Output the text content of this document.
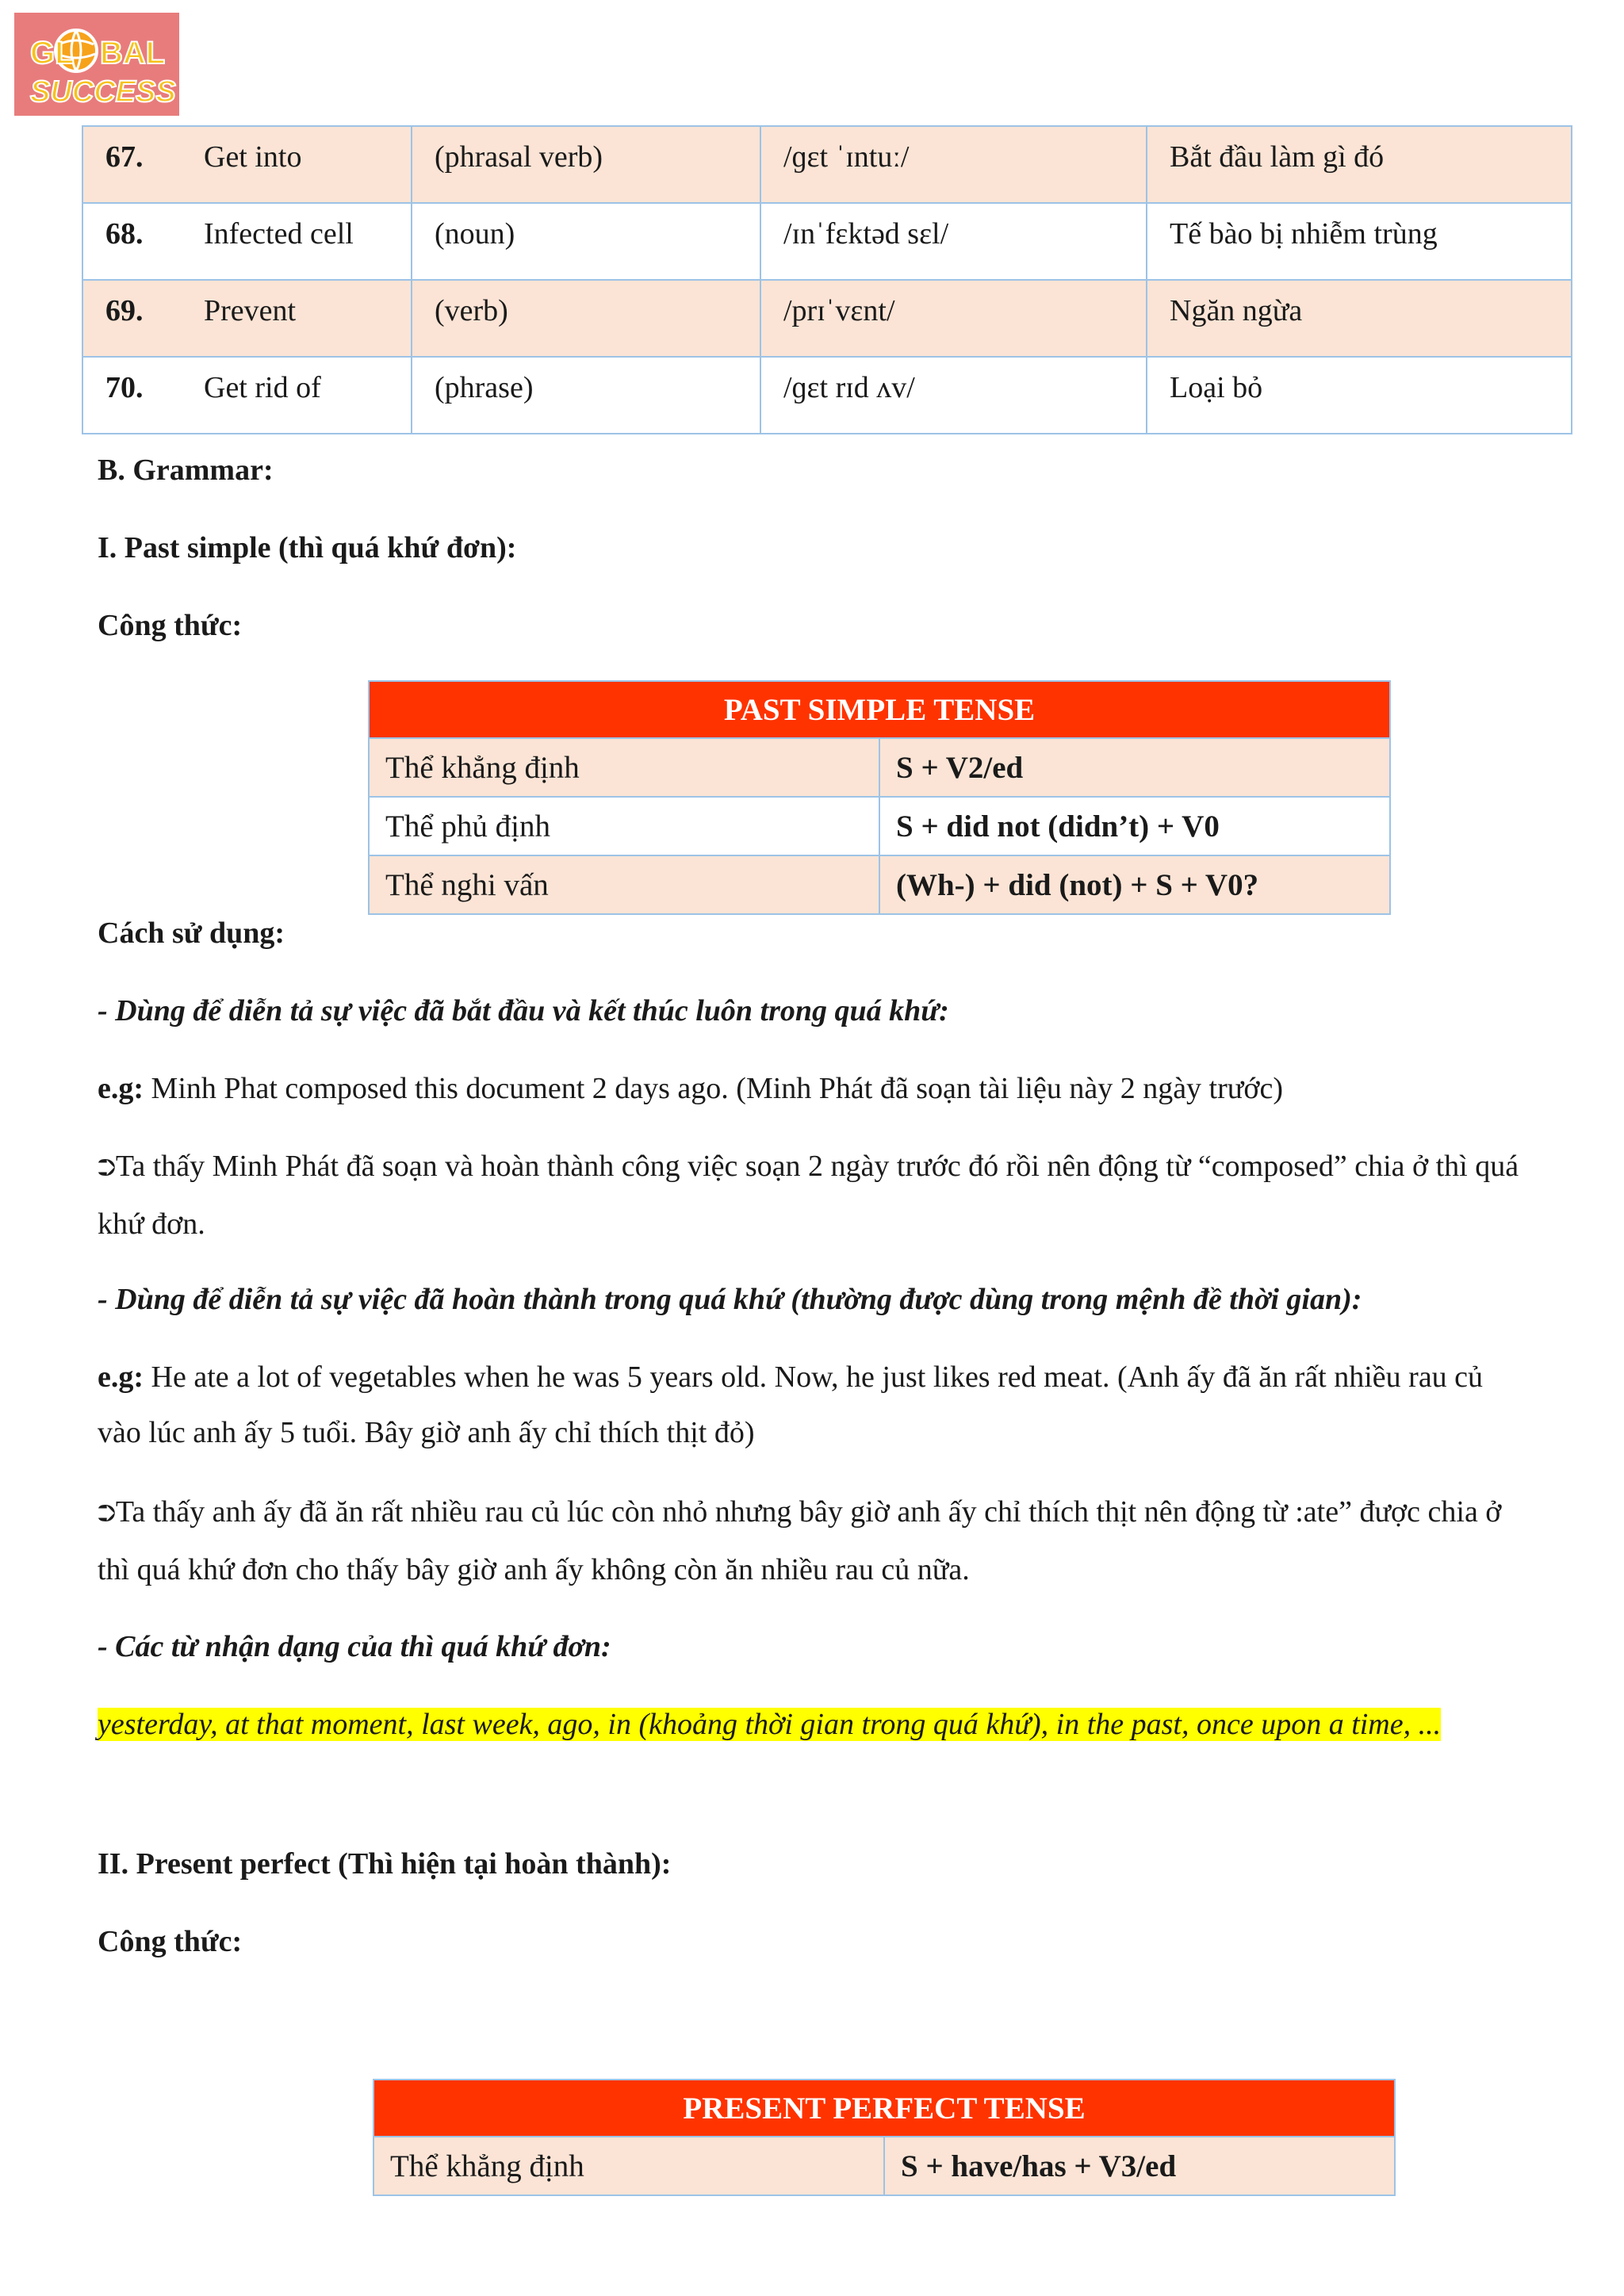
GL BAL
SUCCESS
67. Get into	(phrasal verb)	/ɡɛt ˈɪntuː/	Bắt đầu làm gì đó
68. Infected cell	(noun)	/ɪnˈfɛktəd sɛl/	Tế bào bị nhiễm trùng
69. Prevent	(verb)	/prɪˈvɛnt/	Ngăn ngừa
70. Get rid of	(phrase)	/ɡɛt rɪd ʌv/	Loại bỏ
B. Grammar:
I. Past simple (thì quá khứ đơn):
Công thức:
PAST SIMPLE TENSE	
Thể khẳng định	S + V2/ed
Thể phủ định	S + did not (didn’t) + V0
Thể nghi vấn	(Wh-) + did (not) + S + V0?
Cách sử dụng:
- Dùng để diễn tả sự việc đã bắt đầu và kết thúc luôn trong quá khứ:
e.g: Minh Phat composed this document 2 days ago. (Minh Phát đã soạn tài liệu này 2 ngày trước)
⮊Ta thấy Minh Phát đã soạn và hoàn thành công việc soạn 2 ngày trước đó rồi nên động từ “composed” chia ở thì quá khứ đơn.
- Dùng để diễn tả sự việc đã hoàn thành trong quá khứ (thường được dùng trong mệnh đề thời gian):
e.g: He ate a lot of vegetables when he was 5 years old. Now, he just likes red meat. (Anh ấy đã ăn rất nhiều rau củ vào lúc anh ấy 5 tuổi. Bây giờ anh ấy chỉ thích thịt đỏ)
⮊Ta thấy anh ấy đã ăn rất nhiều rau củ lúc còn nhỏ nhưng bây giờ anh ấy chỉ thích thịt nên động từ :ate” được chia ở thì quá khứ đơn cho thấy bây giờ anh ấy không còn ăn nhiều rau củ nữa.
- Các từ nhận dạng của thì quá khứ đơn:
yesterday, at that moment, last week, ago, in (khoảng thời gian trong quá khứ), in the past, once upon a time, ...
II. Present perfect (Thì hiện tại hoàn thành):
Công thức:
PRESENT PERFECT TENSE
Thể khẳng định	S + have/has + V3/ed
